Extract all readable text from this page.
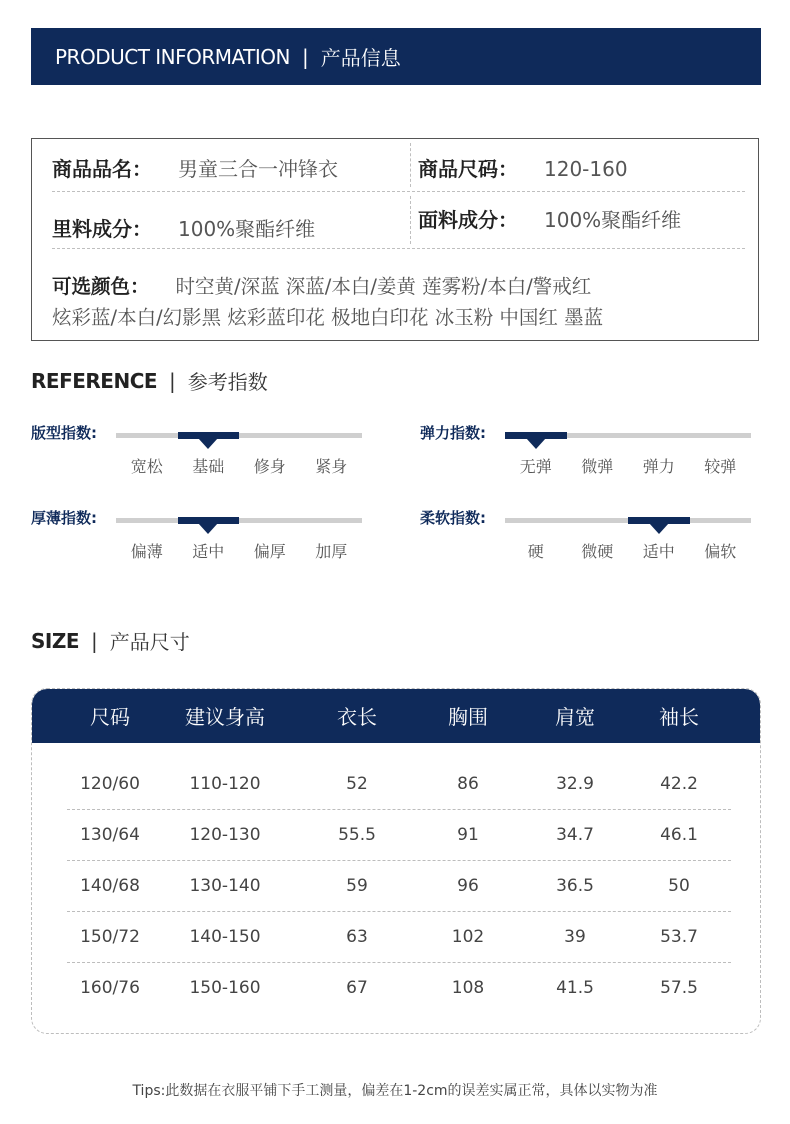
PRODUCT INFORMATION | 产品信息
商品品名： 男童三合一冲锋衣	商品尺码： 120-160
里料成分： 100%聚酯纤维	面料成分： 100%聚酯纤维
可选颜色： 时空黄/深蓝 深蓝/本白/姜黄 莲雾粉/本白/警戒红
炫彩蓝/本白/幻影黑 炫彩蓝印花 极地白印花 冰玉粉 中国红 墨蓝
REFERENCE | 参考指数
版型指数:
宽松	基础	修身	紧身
弹力指数:
无弹	微弹	弹力	较弹
厚薄指数:
偏薄	适中	偏厚	加厚
柔软指数:
硬	微硬	适中	偏软
SIZE | 产品尺寸
尺码	建议身高	衣长	胸围	肩宽	袖长
120/60	110-120	52	86	32.9	42.2
130/64	120-130	55.5	91	34.7	46.1
140/68	130-140	59	96	36.5	50
150/72	140-150	63	102	39	53.7
160/76	150-160	67	108	41.5	57.5
Tips:此数据在衣服平铺下手工测量，偏差在1-2cm的误差实属正常，具体以实物为准
